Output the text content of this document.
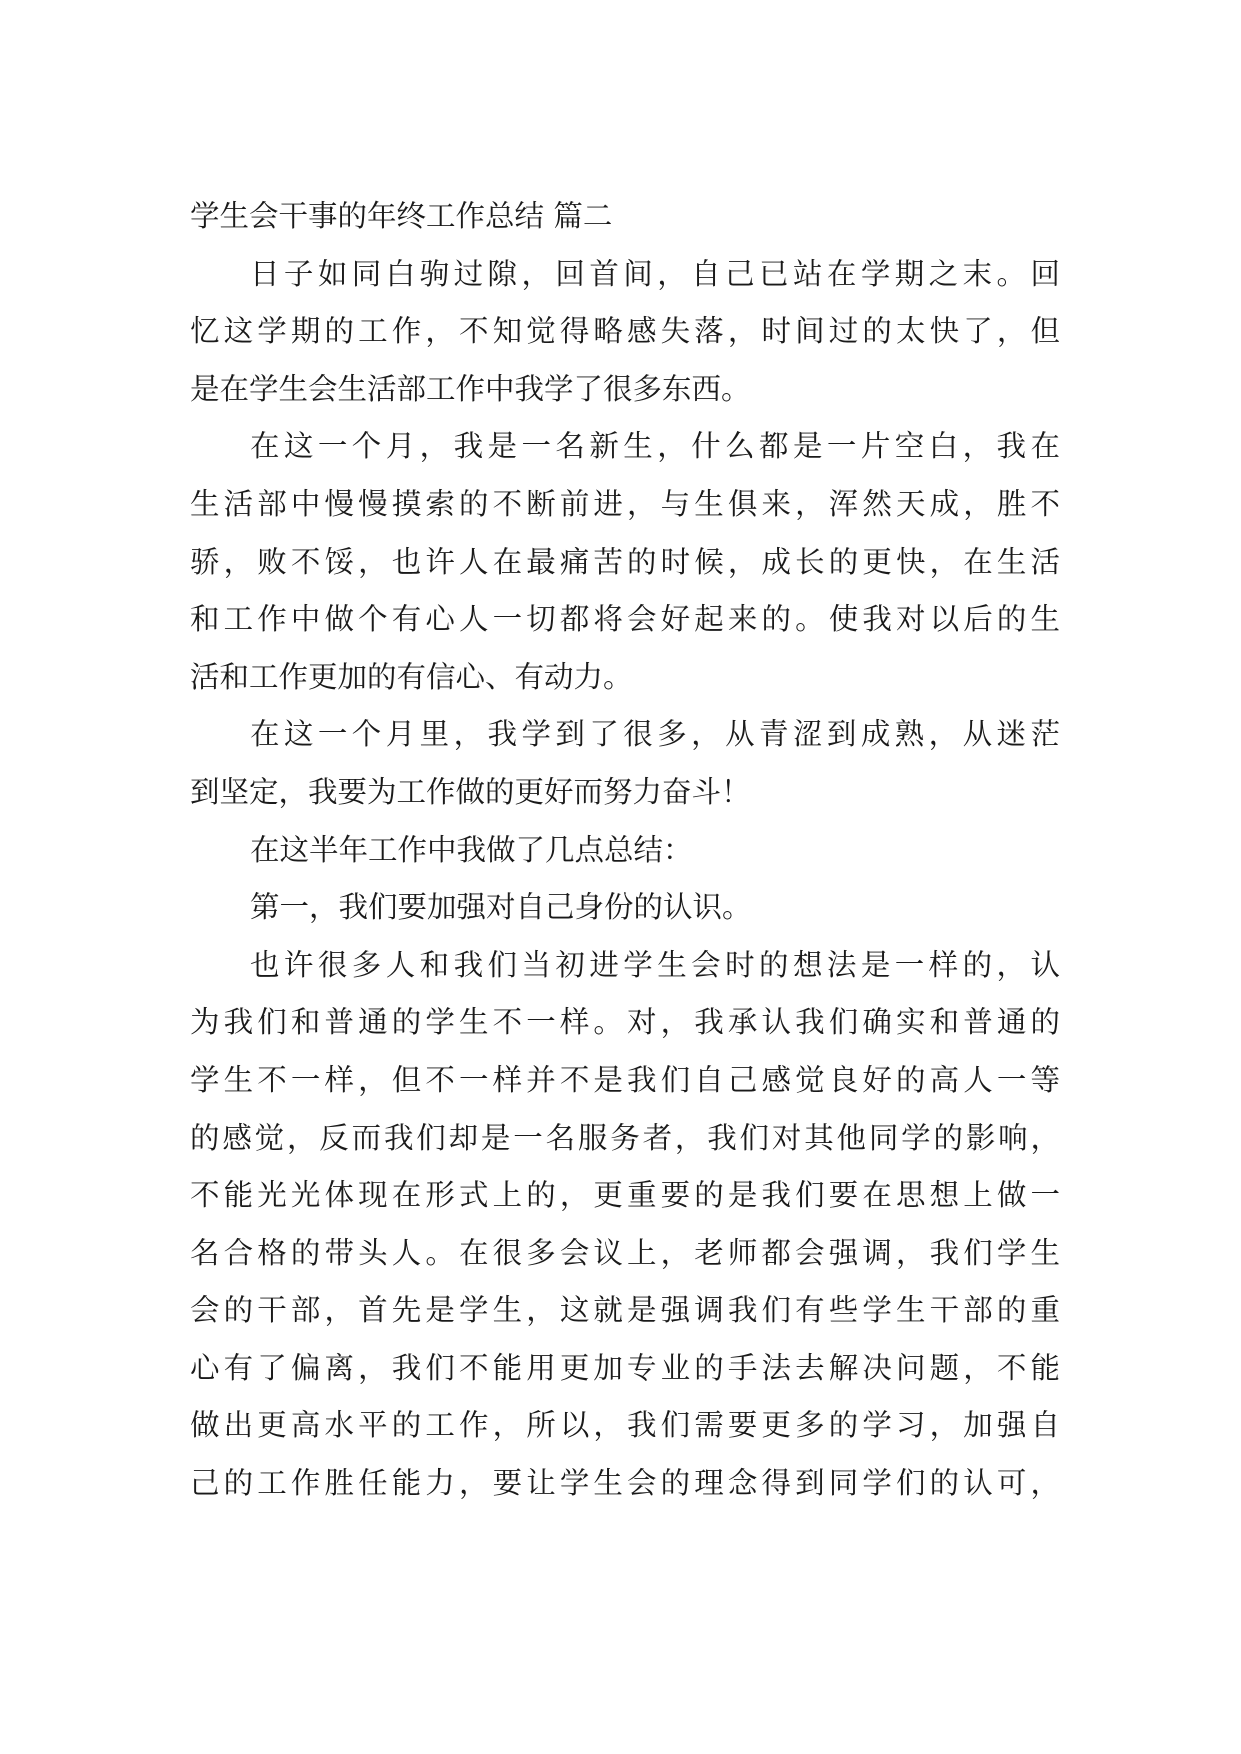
学生会干事的年终工作总结 篇二
日子如同白驹过隙，回首间，自己已站在学期之末。回
忆这学期的工作，不知觉得略感失落，时间过的太快了，但
是在学生会生活部工作中我学了很多东西。
在这一个月，我是一名新生，什么都是一片空白，我在
生活部中慢慢摸索的不断前进，与生俱来，浑然天成，胜不
骄，败不馁，也许人在最痛苦的时候，成长的更快，在生活
和工作中做个有心人一切都将会好起来的。使我对以后的生
活和工作更加的有信心、有动力。
在这一个月里，我学到了很多，从青涩到成熟，从迷茫
到坚定，我要为工作做的更好而努力奋斗！
在这半年工作中我做了几点总结：
第一，我们要加强对自己身份的认识。
也许很多人和我们当初进学生会时的想法是一样的，认
为我们和普通的学生不一样。对，我承认我们确实和普通的
学生不一样，但不一样并不是我们自己感觉良好的高人一等
的感觉，反而我们却是一名服务者，我们对其他同学的影响，
不能光光体现在形式上的，更重要的是我们要在思想上做一
名合格的带头人。在很多会议上，老师都会强调，我们学生
会的干部，首先是学生，这就是强调我们有些学生干部的重
心有了偏离，我们不能用更加专业的手法去解决问题，不能
做出更高水平的工作，所以，我们需要更多的学习，加强自
己的工作胜任能力，要让学生会的理念得到同学们的认可，
